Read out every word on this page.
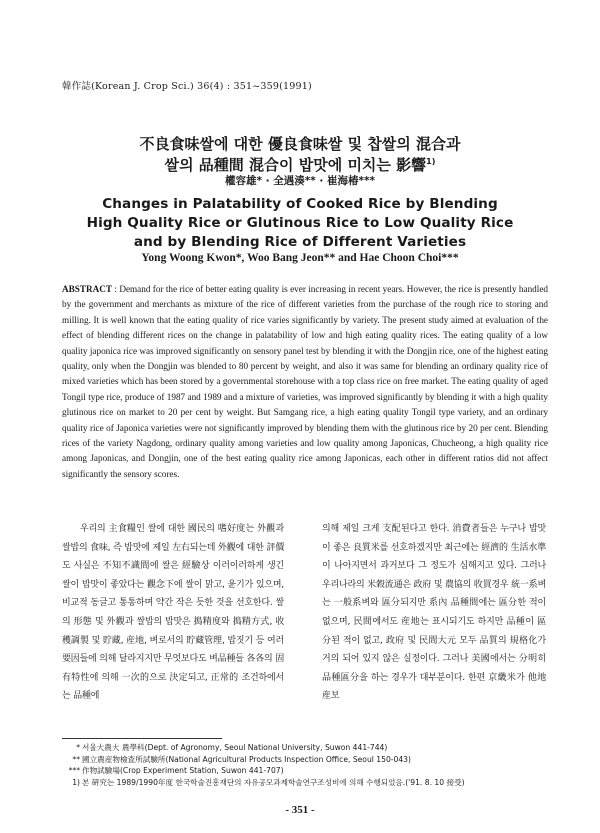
韓作誌(Korean J. Crop Sci.) 36(4) : 351~359(1991)
不良食味쌀에 대한 優良食味쌀 및 찹쌀의 混合과
쌀의 品種間 混合이 밥맛에 미치는 影響$^{1)}$
權容雄* · 全遇湊** · 崔海椿***
Changes in Palatability of Cooked Rice by Blending
High Quality Rice or Glutinous Rice to Low Quality Rice
and by Blending Rice of Different Varieties
Yong Woong Kwon*, Woo Bang Jeon** and Hae Choon Choi***
ABSTRACT : Demand for the rice of better eating quality is ever increasing in recent years. However, the rice is presently handled by the government and merchants as mixture of the rice of different varieties from the purchase of the rough rice to storing and milling. It is well known that the eating quality of rice varies significantly by variety. The present study aimed at evaluation of the effect of blending different rices on the change in palatability of low and high eating quality rices. The eating quality of a low quality japonica rice was improved significantly on sensory panel test by blending it with the Dongjin rice, one of the highest eating quality, only when the Dongjin was blended to 80 percent by weight, and also it was same for blending an ordinary quality rice of mixed varieties which has been stored by a governmental storehouse with a top class rice on free market. The eating quality of aged Tongil type rice, produce of 1987 and 1989 and a mixture of varieties, was improved significantly by blending it with a high quality glutinous rice on market to 20 per cent by weight. But Samgang rice, a high eating quality Tongil type variety, and an ordinary quality rice of Japonica varieties were not significantly improved by blending them with the glutinous rice by 20 per cent. Blending rices of the variety Nagdong, ordinary quality among varieties and low quality among Japonicas, Chucheong, a high quality rice among Japonicas, and Dongjin, one of the best eating quality rice among Japonicas, each other in different ratios did not affect significantly the sensory scores.
우리의 主食糧인 쌀에 대한 國民의 嗜好度는 外觀과 쌀밥의 食味, 즉 밥맛에 제일 左右되는데 外觀에 대한 評價도 사실은 不知不識間에 쌀은 經驗상 이러이러하게 생긴 쌀이 밥맛이 좋았다는 觀念下에 쌀이 맑고, 윤기가 있으며, 비교적 동글고 통통하며 약간 작은 듯한 것을 선호한다. 쌀의 形態 및 外觀과 쌀밥의 밥맛은 搗精度와 搗精方式, 收穫調製 및 貯藏, 産地, 벼로서의 貯藏管理, 밥짓기 등 여러要因들에 의해 달라지지만 무엇보다도 벼品種들 各各의 固有特性에 의해 一次的으로 決定되고, 正常的 조건하에서는 品種에
의해 제일 크게 支配된다고 한다. 消費者들은 누구나 밥맛이 좋은 良質米를 선호하겠지만 최근에는 經濟的 生活水準이 나아지면서 과거보다 그 정도가 심해지고 있다. 그러나 우리나라의 米穀流通은 政府 및 農協의 收買경우 統一系벼는 一般系벼와 區分되지만 系內 品種間에는 區分한 적이 없으며, 民間에서도 産地는 표시되기도 하지만 品種이 區分된 적이 없고, 政府 및 民間大元 모두 品質의 規格化가 거의 되어 있지 않은 실정이다. 그러나 美國에서는 分明히 品種區分을 하는 경우가 대부분이다. 한편 京畿米가 他地産보
* 서울大農大 農學科(Dept. of Agronomy, Seoul National University, Suwon 441-744)
** 國立農産物檢査所試驗所(National Agricultural Products Inspection Office, Seoul 150-043)
*** 作物試驗場(Crop Experiment Station, Suwon 441-707)
1) 본 硏究는 1989/1990年度 한국학술진흥재단의 자유공모과제학술연구조성비에 의해 수행되었음.('91. 8. 10 接受)
- 351 -
